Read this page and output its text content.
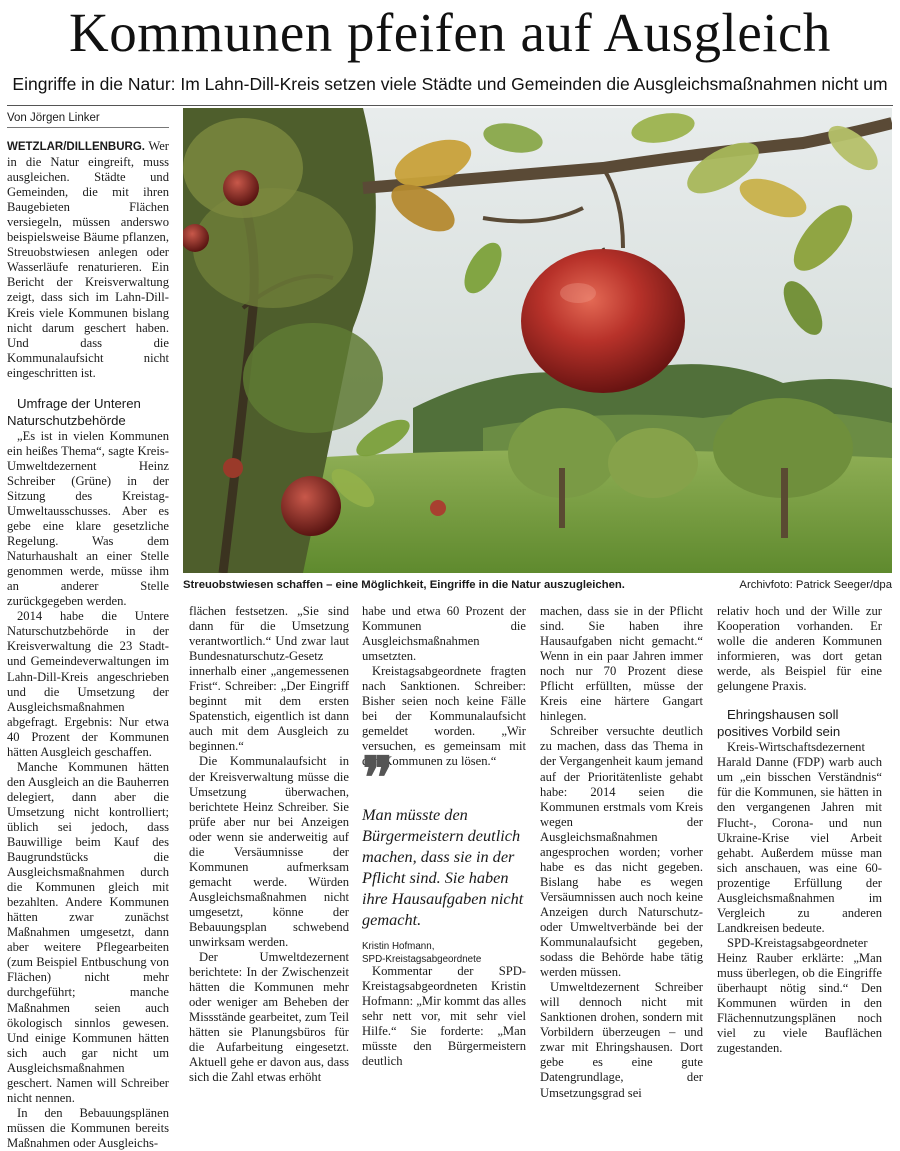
Kommunen pfeifen auf Ausgleich
Eingriffe in die Natur: Im Lahn-Dill-Kreis setzen viele Städte und Gemeinden die Ausgleichsmaßnahmen nicht um
Von Jörgen Linker

WETZLAR/DILLENBURG. Wer in die Natur eingreift, muss ausgleichen. Städte und Gemeinden, die mit ihren Baugebieten Flächen versiegeln, müssen anderswo beispielsweise Bäume pflanzen, Streuobstwiesen anlegen oder Wasserläufe renaturieren. Ein Bericht der Kreisverwaltung zeigt, dass sich im Lahn-Dill-Kreis viele Kommunen bislang nicht darum geschert haben. Und dass die Kommunalaufsicht nicht eingeschritten ist.

Umfrage der Unteren Naturschutzbehörde

„Es ist in vielen Kommunen ein heißes Thema“, sagte Kreis-Umweltdezernent Heinz Schreiber (Grüne) in der Sitzung des Kreistag-Umweltausschusses. Aber es gebe eine klare gesetzliche Regelung. Was dem Naturhaushalt an einer Stelle genommen werde, müsse ihm an anderer Stelle zurückgegeben werden.

2014 habe die Untere Naturschutzbehörde in der Kreisverwaltung die 23 Stadt- und Gemeindeverwaltungen im Lahn-Dill-Kreis angeschrieben und die Umsetzung der Ausgleichsmaßnahmen abgefragt. Ergebnis: Nur etwa 40 Prozent der Kommunen hätten Ausgleich geschaffen.

Manche Kommunen hätten den Ausgleich an die Bauherren delegiert, dann aber die Umsetzung nicht kontrolliert; üblich sei jedoch, dass Bauwillige beim Kauf des Baugrundstücks die Ausgleichsmaßnahmen durch die Kommunen gleich mit bezahlten. Andere Kommunen hätten zwar zunächst Maßnahmen umgesetzt, dann aber weitere Pflegearbeiten (zum Beispiel Entbuschung von Flächen) nicht mehr durchgeführt; manche Maßnahmen seien auch ökologisch sinnlos gewesen. Und einige Kommunen hätten sich auch gar nicht um Ausgleichsmaßnahmen geschert. Namen will Schreiber nicht nennen.

In den Bebauungsplänen müssen die Kommunen bereits Maßnahmen oder Ausgleichs-

Streuobstwiesen schaffen – eine Möglichkeit, Eingriffe in die Natur auszugleichen.	Archivfoto: Patrick Seeger/dpa

flächen festsetzen. „Sie sind dann für die Umsetzung verantwortlich.“ Und zwar laut Bundesnaturschutz-Gesetz innerhalb einer „angemessenen Frist“. Schreiber: „Der Eingriff beginnt mit dem ersten Spatenstich, eigentlich ist dann auch mit dem Ausgleich zu beginnen.“

Die Kommunalaufsicht in der Kreisverwaltung müsse die Umsetzung überwachen, berichtete Heinz Schreiber. Sie prüfe aber nur bei Anzeigen oder wenn sie anderweitig auf die Versäumnisse der Kommunen aufmerksam gemacht werde. Würden Ausgleichsmaßnahmen nicht umgesetzt, könne der Bebauungsplan schwebend unwirksam werden.

Der Umweltdezernent berichtete: In der Zwischenzeit hätten die Kommunen mehr oder weniger am Beheben der Missstände gearbeitet, zum Teil hätten sie Planungsbüros für die Aufarbeitung eingesetzt. Aktuell gehe er davon aus, dass sich die Zahl etwas erhöht

habe und etwa 60 Prozent der Kommunen die Ausgleichsmaßnahmen umsetzten.

Kreistagsabgeordnete fragten nach Sanktionen. Schreiber: Bisher seien noch keine Fälle bei der Kommunalaufsicht gemeldet worden. „Wir versuchen, es gemeinsam mit den Kommunen zu lösen.“

❞
Man müsste den Bürgermeistern deutlich machen, dass sie in der Pflicht sind. Sie haben ihre Hausaufgaben nicht gemacht.
Kristin Hofmann,
SPD-Kreistagsabgeordnete

Kommentar der SPD-Kreistagsabgeordneten Kristin Hofmann: „Mir kommt das alles sehr nett vor, mit sehr viel Hilfe.“ Sie forderte: „Man müsste den Bürgermeistern deutlich

machen, dass sie in der Pflicht sind. Sie haben ihre Hausaufgaben nicht gemacht.“ Wenn in ein paar Jahren immer noch nur 70 Prozent diese Pflicht erfüllten, müsse der Kreis eine härtere Gangart hinlegen.

Schreiber versuchte deutlich zu machen, dass das Thema in der Vergangenheit kaum jemand auf der Prioritätenliste gehabt habe: 2014 seien die Kommunen erstmals vom Kreis wegen der Ausgleichsmaßnahmen angesprochen worden; vorher habe es das nicht gegeben. Bislang habe es wegen Versäumnissen auch noch keine Anzeigen durch Naturschutz- oder Umweltverbände bei der Kommunalaufsicht gegeben, sodass die Behörde habe tätig werden müssen.

Umweltdezernent Schreiber will dennoch nicht mit Sanktionen drohen, sondern mit Vorbildern überzeugen – und zwar mit Ehringshausen. Dort gebe es eine gute Datengrundlage, der Umsetzungsgrad sei

relativ hoch und der Wille zur Kooperation vorhanden. Er wolle die anderen Kommunen informieren, was dort getan werde, als Beispiel für eine gelungene Praxis.

Ehringshausen soll positives Vorbild sein

Kreis-Wirtschaftsdezernent Harald Danne (FDP) warb auch um „ein bisschen Verständnis“ für die Kommunen, sie hätten in den vergangenen Jahren mit Flucht-, Corona- und nun Ukraine-Krise viel Arbeit gehabt. Außerdem müsse man sich anschauen, was eine 60-prozentige Erfüllung der Ausgleichsmaßnahmen im Vergleich zu anderen Landkreisen bedeute.

SPD-Kreistagsabgeordneter Heinz Rauber erklärte: „Man muss überlegen, ob die Eingriffe überhaupt nötig sind.“ Den Kommunen würden in den Flächennutzungsplänen noch viel zu viele Bauflächen zugestanden.
